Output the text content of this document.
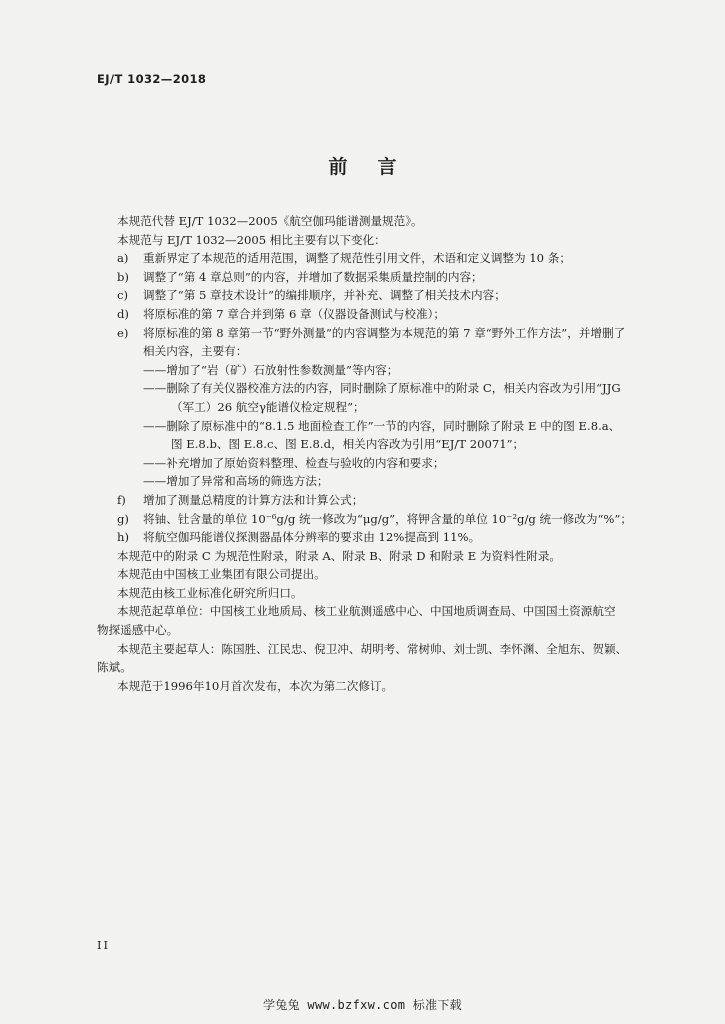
EJ/T 1032—2018
前言

本规范代替 EJ/T 1032—2005《航空伽玛能谱测量规范》。

本规范与 EJ/T 1032—2005 相比主要有以下变化：

a) 重新界定了本规范的适用范围，调整了规范性引用文件，术语和定义调整为 10 条；
b) 调整了“第 4 章总则”的内容，并增加了数据采集质量控制的内容；
c) 调整了“第 5 章技术设计”的编排顺序，并补充、调整了相关技术内容；
d) 将原标准的第 7 章合并到第 6 章（仪器设备测试与校准）；
e) 将原标准的第 8 章第一节“野外测量”的内容调整为本规范的第 7 章“野外工作方法”，并增删了
相关内容，主要有：

——增加了“岩（矿）石放射性参数测量”等内容；

——删除了有关仪器校准方法的内容，同时删除了原标准中的附录 C，相关内容改为引用“JJG

（军工）26 航空γ能谱仪检定规程”；

——删除了原标准中的“8.1.5 地面检查工作”一节的内容，同时删除了附录 E 中的图 E.8.a、

图 E.8.b、图 E.8.c、图 E.8.d，相关内容改为引用“EJ/T 20071”；

——补充增加了原始资料整理、检查与验收的内容和要求；

——增加了异常和高场的筛选方法；

f) 增加了测量总精度的计算方法和计算公式；
g) 将铀、钍含量的单位 10⁻⁶g/g 统一修改为“μg/g”，将钾含量的单位 10⁻²g/g 统一修改为“%”；
h) 将航空伽玛能谱仪探测器晶体分辨率的要求由 12%提高到 11%。

本规范中的附录 C 为规范性附录，附录 A、附录 B、附录 D 和附录 E 为资料性附录。

本规范由中国核工业集团有限公司提出。

本规范由核工业标准化研究所归口。

本规范起草单位：中国核工业地质局、核工业航测遥感中心、中国地质调查局、中国国土资源航空
物探遥感中心。
本规范主要起草人：陈国胜、江民忠、倪卫冲、胡明考、常树帅、刘士凯、李怀渊、全旭东、贺颖、
陈斌。

本规范于1996年10月首次发布，本次为第二次修订。

II
学兔兔 www.bzfxw.com 标准下载
